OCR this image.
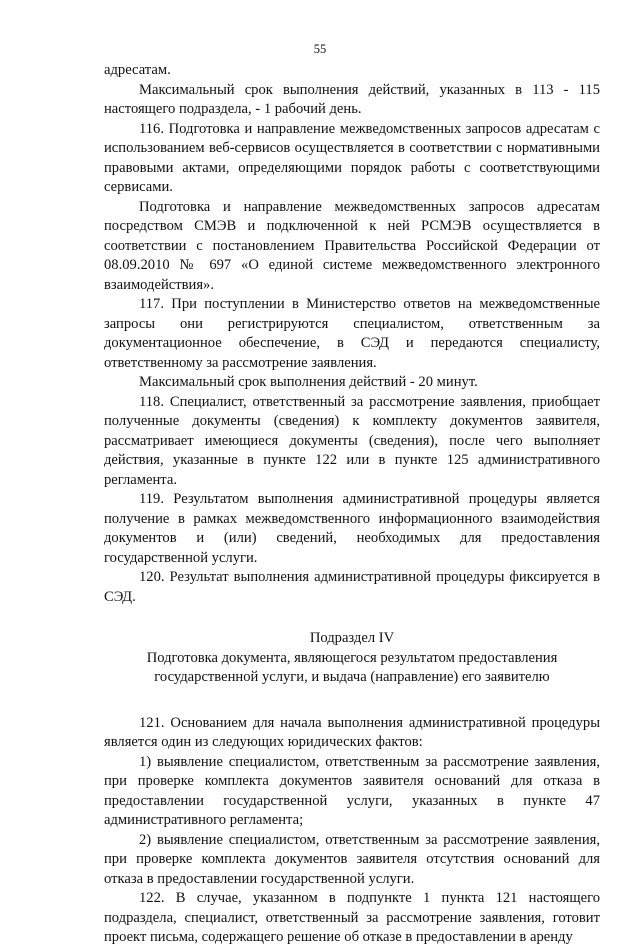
55

адресатам.

Максимальный срок выполнения действий, указанных в 113 - 115 настоящего подраздела, - 1 рабочий день.

116. Подготовка и направление межведомственных запросов адресатам с использованием веб-сервисов осуществляется в соответствии с нормативными правовыми актами, определяющими порядок работы с соответствующими сервисами.

Подготовка и направление межведомственных запросов адресатам посредством СМЭВ и подключенной к ней РСМЭВ осуществляется в соответствии с постановлением Правительства Российской Федерации от 08.09.2010 № 697 «О единой системе межведомственного электронного взаимодействия».

117. При поступлении в Министерство ответов на межведомственные запросы они регистрируются специалистом, ответственным за документационное обеспечение, в СЭД и передаются специалисту, ответственному за рассмотрение заявления.

Максимальный срок выполнения действий - 20 минут.

118. Специалист, ответственный за рассмотрение заявления, приобщает полученные документы (сведения) к комплекту документов заявителя, рассматривает имеющиеся документы (сведения), после чего выполняет действия, указанные в пункте 122 или в пункте 125 административного регламента.

119. Результатом выполнения административной процедуры является получение в рамках межведомственного информационного взаимодействия документов и (или) сведений, необходимых для предоставления государственной услуги.

120. Результат выполнения административной процедуры фиксируется в СЭД.

Подраздел IV

Подготовка документа, являющегося результатом предоставления

государственной услуги, и выдача (направление) его заявителю

121. Основанием для начала выполнения административной процедуры является один из следующих юридических фактов:

1) выявление специалистом, ответственным за рассмотрение заявления, при проверке комплекта документов заявителя оснований для отказа в предоставлении государственной услуги, указанных в пункте 47 административного регламента;

2) выявление специалистом, ответственным за рассмотрение заявления, при проверке комплекта документов заявителя отсутствия оснований для отказа в предоставлении государственной услуги.

122. В случае, указанном в подпункте 1 пункта 121 настоящего подраздела, специалист, ответственный за рассмотрение заявления, готовит проект письма, содержащего решение об отказе в предоставлении в аренду
